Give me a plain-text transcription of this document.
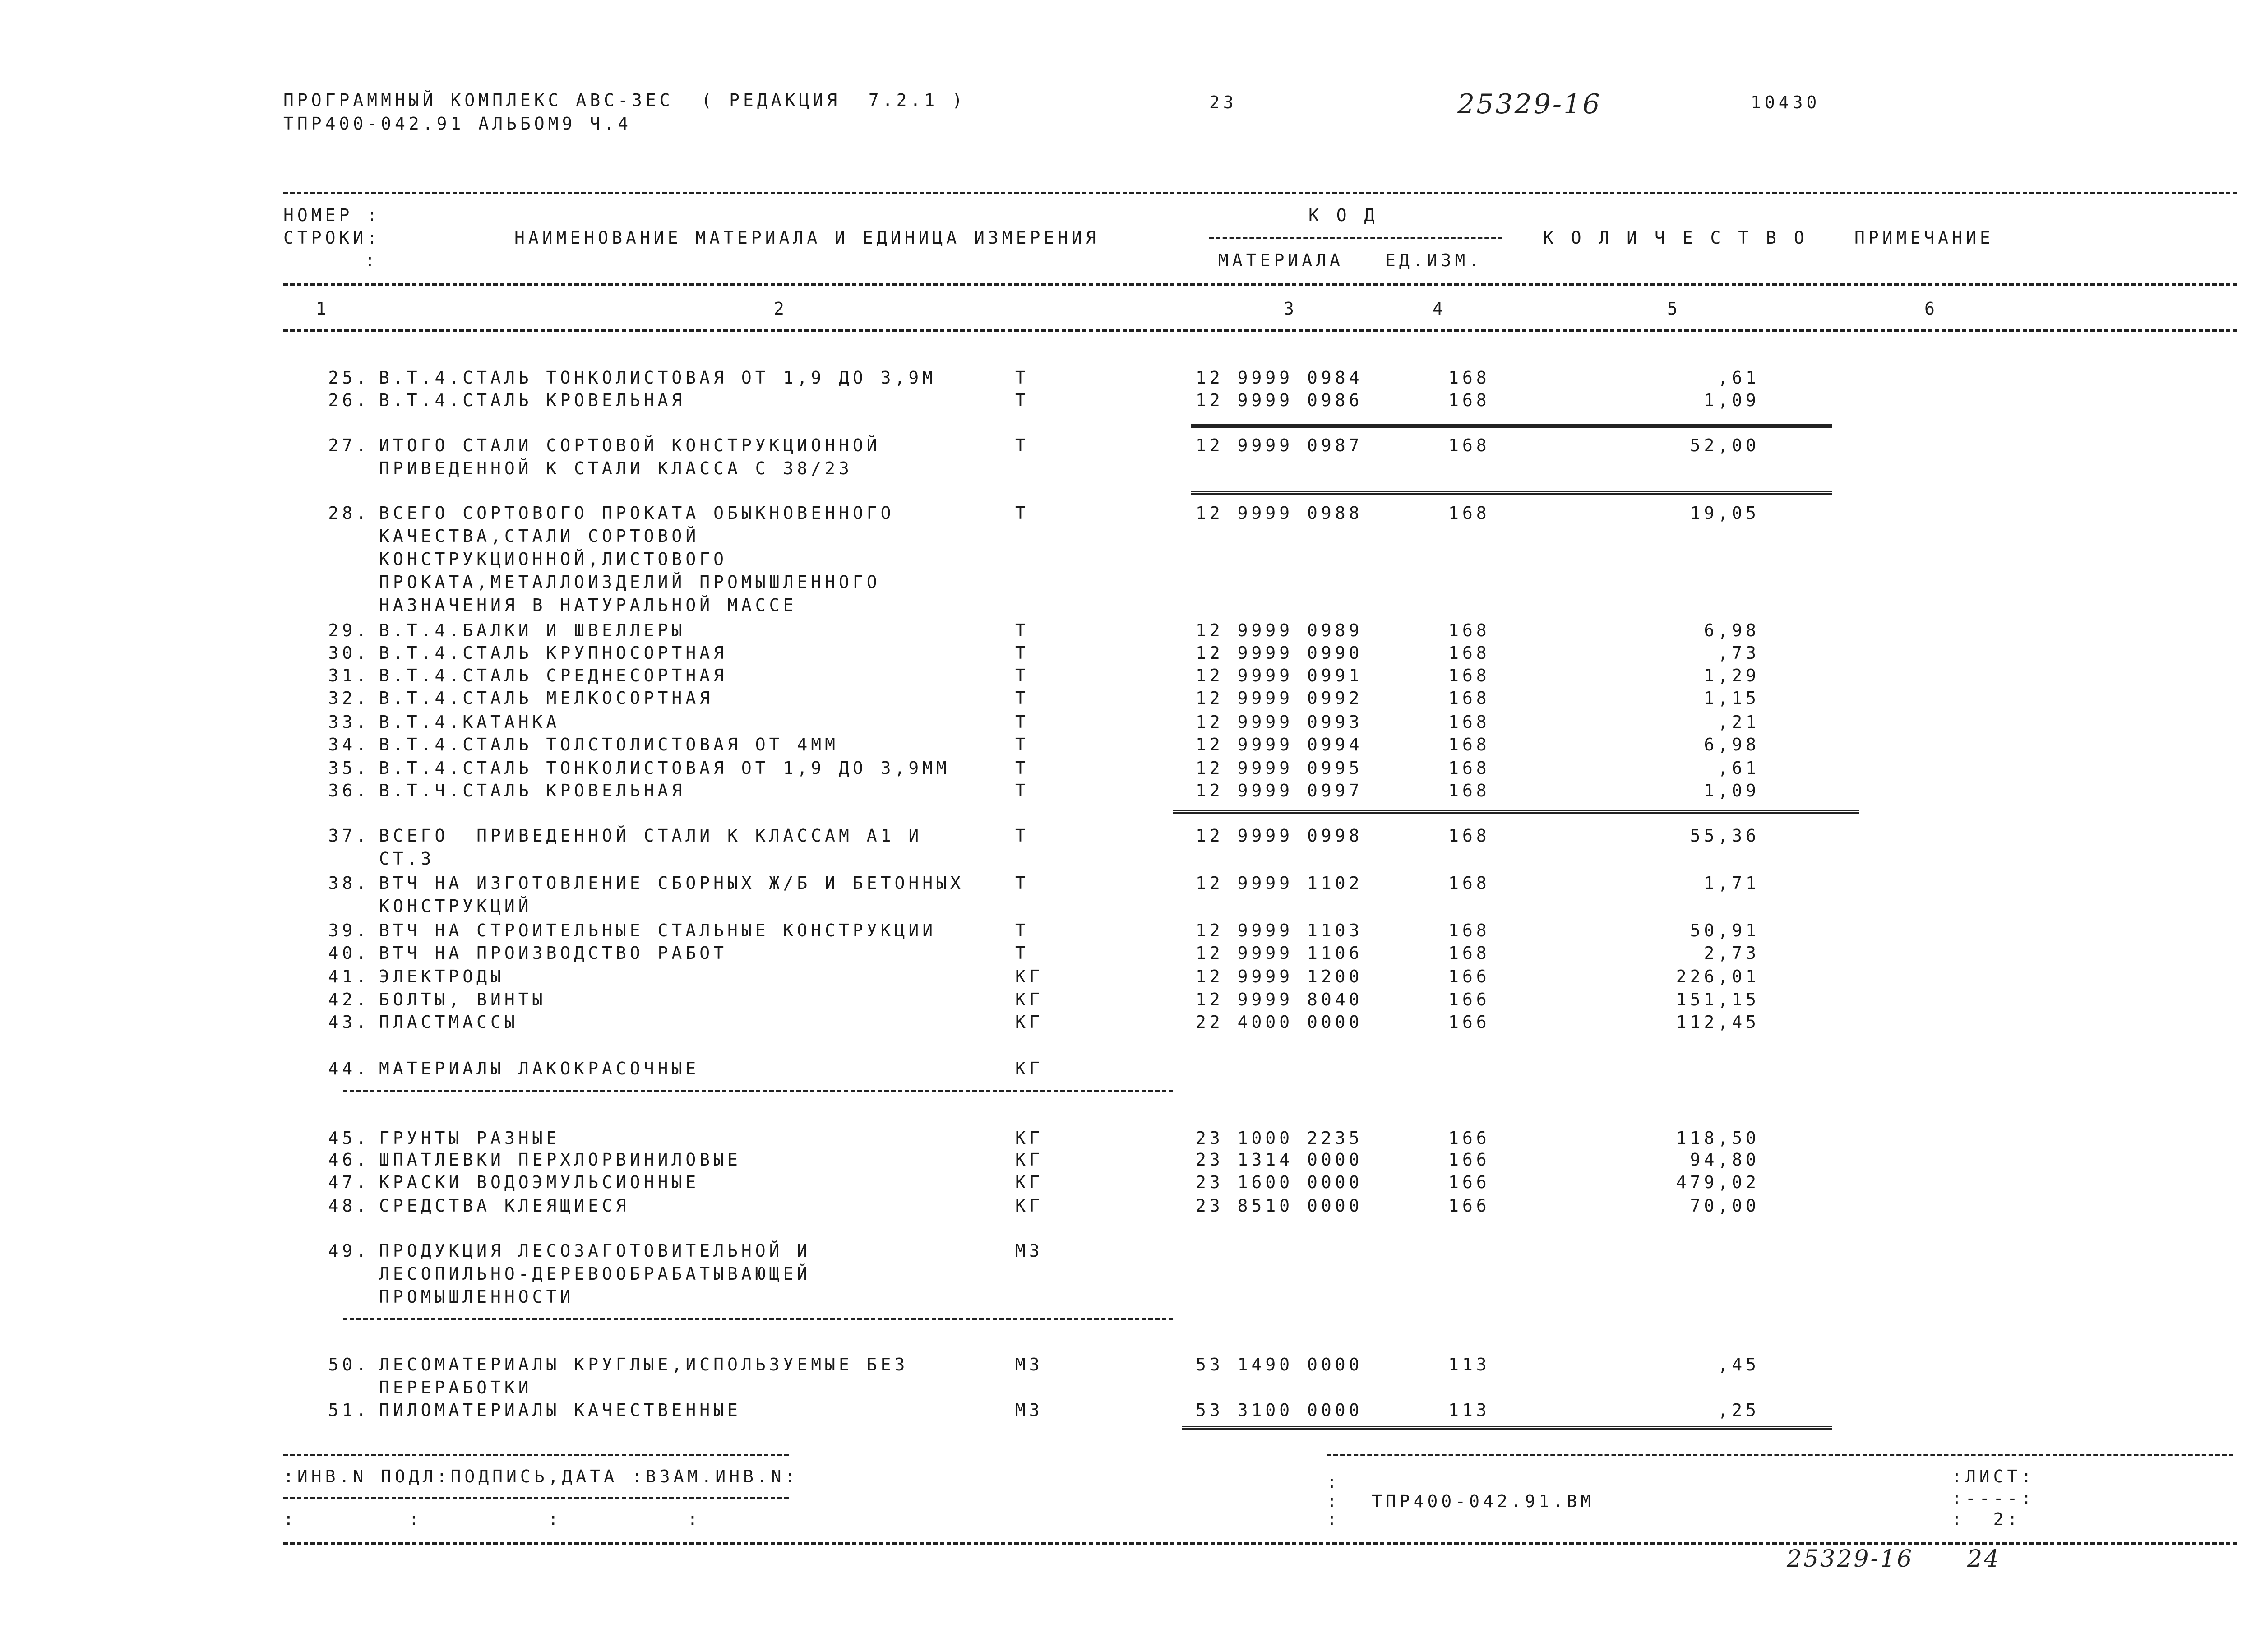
ПРОГРАММНЫЙ КОМПЛЕКС АВС-ЗЕС  ( РЕДАКЦИЯ  7.2.1 )
ТПР400-042.91 АЛЬБОМ9 Ч.4
23	25329-16	10430
НОМЕР :
СТРОКИ:
:
НАИМЕНОВАНИЕ МАТЕРИАЛА И ЕДИНИЦА ИЗМЕРЕНИЯ
К О Д
МАТЕРИАЛА ЕД.ИЗМ.
К О Л И Ч Е С Т В О	ПРИМЕЧАНИЕ
1	2	3	4	5	6
25. В.Т.4.СТАЛЬ ТОНКОЛИСТОВАЯ ОТ 1,9 ДО 3,9М	Т	12 9999 0984	168	,61
26. В.Т.4.СТАЛЬ КРОВЕЛЬНАЯ	Т	12 9999 0986	168	1,09
27. ИТОГО СТАЛИ СОРТОВОЙ КОНСТРУКЦИОННОЙ
ПРИВЕДЕННОЙ К СТАЛИ КЛАССА С 38/23
Т	12 9999 0987	168	52,00
28. ВСЕГО СОРТОВОГО ПРОКАТА ОБЫКНОВЕННОГО
КАЧЕСТВА,СТАЛИ СОРТОВОЙ
КОНСТРУКЦИОННОЙ,ЛИСТОВОГО
ПРОКАТА,МЕТАЛЛОИЗДЕЛИЙ ПРОМЫШЛЕННОГО
НАЗНАЧЕНИЯ В НАТУРАЛЬНОЙ МАССЕ
Т	12 9999 0988	168	19,05
29. В.Т.4.БАЛКИ И ШВЕЛЛЕРЫ	Т	12 9999 0989	168	6,98
30. В.Т.4.СТАЛЬ КРУПНОСОРТНАЯ	Т	12 9999 0990	168	,73
31. В.Т.4.СТАЛЬ СРЕДНЕСОРТНАЯ	Т	12 9999 0991	168	1,29
32. В.Т.4.СТАЛЬ МЕЛКОСОРТНАЯ	Т	12 9999 0992	168	1,15
33. В.Т.4.КАТАНКА	Т	12 9999 0993	168	,21
34. В.Т.4.СТАЛЬ ТОЛСТОЛИСТОВАЯ ОТ 4ММ	Т	12 9999 0994	168	6,98
35. В.Т.4.СТАЛЬ ТОНКОЛИСТОВАЯ ОТ 1,9 ДО 3,9ММ	Т	12 9999 0995	168	,61
36. В.Т.Ч.СТАЛЬ КРОВЕЛЬНАЯ	Т	12 9999 0997	168	1,09
37. ВСЕГО  ПРИВЕДЕННОЙ СТАЛИ К КЛАССАМ А1 И
СТ.3
Т	12 9999 0998	168	55,36
38. ВТЧ НА ИЗГОТОВЛЕНИЕ СБОРНЫХ Ж/Б И БЕТОННЫХ
КОНСТРУКЦИЙ
Т	12 9999 1102	168	1,71
39. ВТЧ НА СТРОИТЕЛЬНЫЕ СТАЛЬНЫЕ КОНСТРУКЦИИ	Т	12 9999 1103	168	50,91
40. ВТЧ НА ПРОИЗВОДСТВО РАБОТ	Т	12 9999 1106	168	2,73
41. ЭЛЕКТРОДЫ	КГ	12 9999 1200	166	226,01
42. БОЛТЫ, ВИНТЫ	КГ	12 9999 8040	166	151,15
43. ПЛАСТМАССЫ	КГ	22 4000 0000	166	112,45
44. МАТЕРИАЛЫ ЛАКОКРАСОЧНЫЕ	КГ
45. ГРУНТЫ РАЗНЫЕ	КГ	23 1000 2235	166	118,50
46. ШПАТЛЕВКИ ПЕРХЛОРВИНИЛОВЫЕ	КГ	23 1314 0000	166	94,80
47. КРАСКИ ВОДОЭМУЛЬСИОННЫЕ	КГ	23 1600 0000	166	479,02
48. СРЕДСТВА КЛЕЯЩИЕСЯ	КГ	23 8510 0000	166	70,00
49. ПРОДУКЦИЯ ЛЕСОЗАГОТОВИТЕЛЬНОЙ И
ЛЕСОПИЛЬНО-ДЕРЕВООБРАБАТЫВАЮЩЕЙ
ПРОМЫШЛЕННОСТИ
М3
50. ЛЕСОМАТЕРИАЛЫ КРУГЛЫЕ,ИСПОЛЬЗУЕМЫЕ БЕЗ
ПЕРЕРАБОТКИ
М3	53 1490 0000	113	,45
51. ПИЛОМАТЕРИАЛЫ КАЧЕСТВЕННЫЕ	М3	53 3100 0000	113	,25
:ИНВ.N ПОДЛ:ПОДПИСЬ,ДАТА :ВЗАМ.ИНВ.N:
:        :         :         :
:
:
: ТПР400-042.91.ВМ
:ЛИСТ:
:----:
:  2:
25329-16 24
